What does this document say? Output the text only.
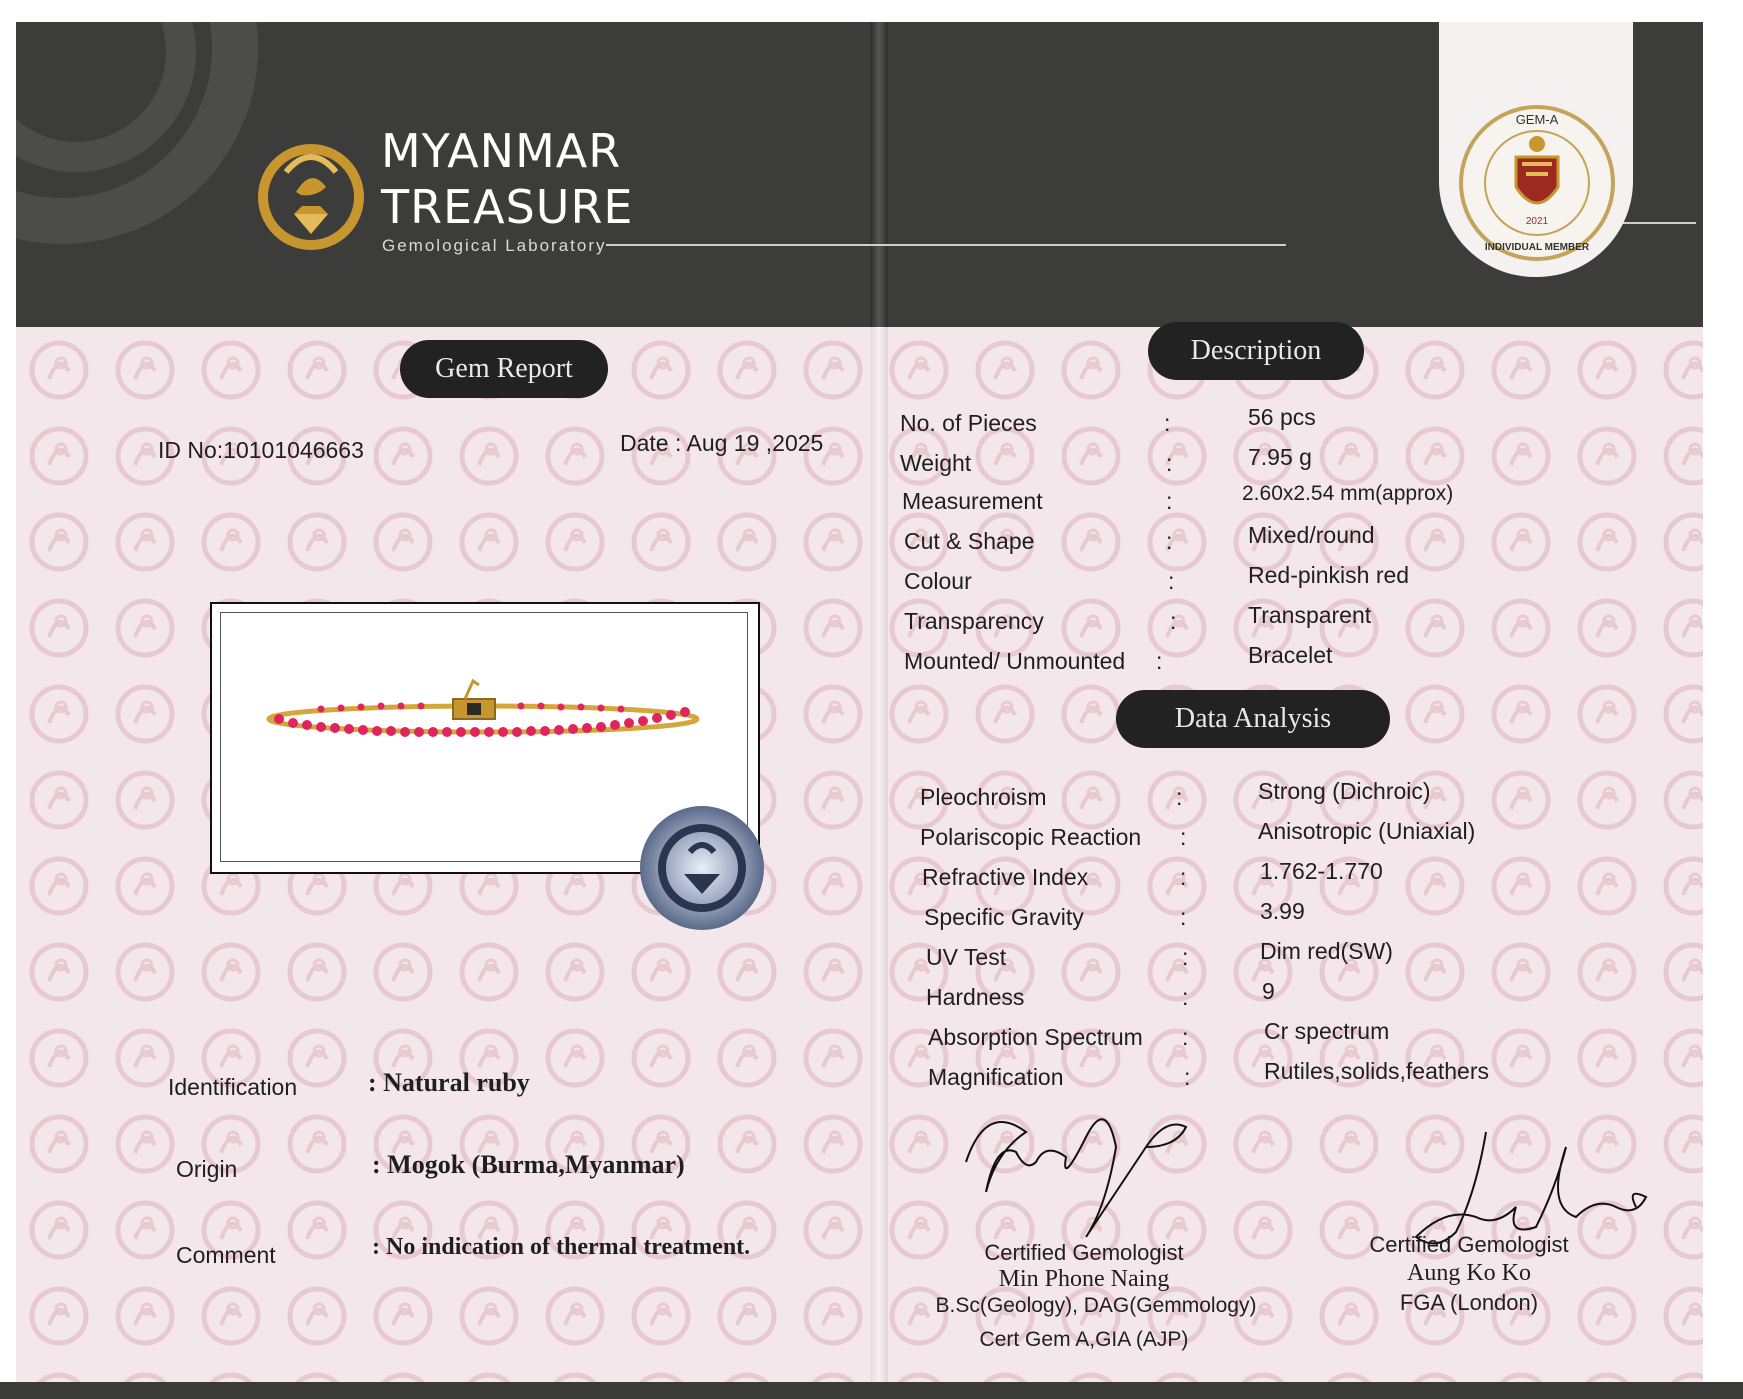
MYANMAR
TREASURE
Gemological Laboratory
GEM-A
2021
INDIVIDUAL MEMBER
Gem Report
ID No:10101046663	Date : Aug 19 ,2025
Identification	: Natural ruby
Origin	: Mogok (Burma,Myanmar)
Comment	: No indication of thermal treatment.
Description
No. of Pieces	:	56 pcs
Weight	:	7.95 g
Measurement	:	2.60x2.54 mm(approx)
Cut & Shape	:	Mixed/round
Colour	:	Red-pinkish red
Transparency	:	Transparent
Mounted/ Unmounted :	Bracelet
Data Analysis
Pleochroism	:	Strong (Dichroic)
Polariscopic Reaction :	Anisotropic (Uniaxial)
Refractive Index	:	1.762-1.770
Specific Gravity	:	3.99
UV Test	:	Dim red(SW)
Hardness	:	9
Absorption Spectrum :	Cr spectrum
Magnification	:	Rutiles,solids,feathers
Certified Gemologist
Min Phone Naing
B.Sc(Geology), DAG(Gemmology)
Cert Gem A,GIA (AJP)
Certified Gemologist
Aung Ko Ko
FGA (London)
